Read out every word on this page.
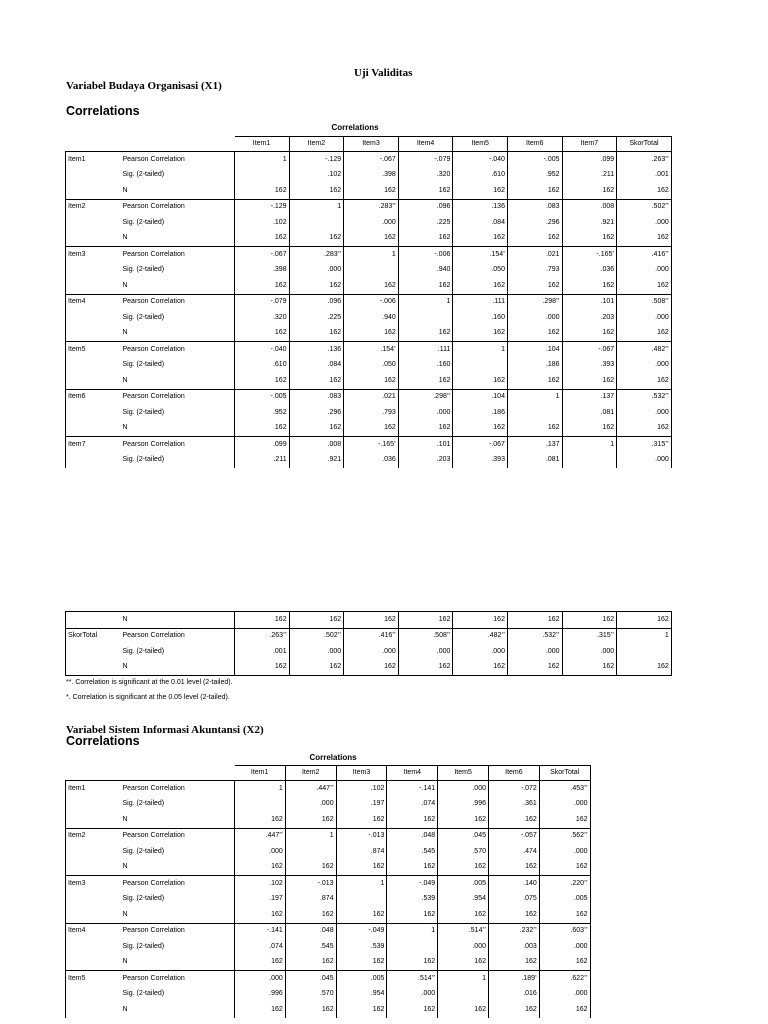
Uji Validitas
Variabel Budaya Organisasi (X1)
Correlations
Correlations
		Item1	Item2	Item3	Item4	Item5	Item6	Item7	SkorTotal
Item1	Pearson Correlation	1	-.129	-.067	-.079	-.040	-.005	.099	.263**
	Sig. (2-tailed)		.102	.398	.320	.610	.952	.211	.001
	N	162	162	162	162	162	162	162	162
Item2	Pearson Correlation	-.129	1	.283**	.096	.136	.083	.008	.502**
	Sig. (2-tailed)	.102		.000	.225	.084	.296	.921	.000
	N	162	162	162	162	162	162	162	162
Item3	Pearson Correlation	-.067	.283**	1	-.006	.154*	.021	-.165*	.416**
	Sig. (2-tailed)	.398	.000		.940	.050	.793	.036	.000
	N	162	162	162	162	162	162	162	162
Item4	Pearson Correlation	-.079	.096	-.006	1	.111	.298**	.101	.508**
	Sig. (2-tailed)	.320	.225	.940		.160	.000	.203	.000
	N	162	162	162	162	162	162	162	162
Item5	Pearson Correlation	-.040	.136	.154*	.111	1	.104	-.067	.482**
	Sig. (2-tailed)	.610	.084	.050	.160		.186	.393	.000
	N	162	162	162	162	162	162	162	162
Item6	Pearson Correlation	-.005	.083	.021	.298**	.104	1	.137	.532**
	Sig. (2-tailed)	.952	.296	.793	.000	.186		.081	.000
	N	162	162	162	162	162	162	162	162
Item7	Pearson Correlation	.099	.008	-.165*	.101	-.067	.137	1	.315**
	Sig. (2-tailed)	.211	.921	.036	.203	.393	.081		.000
	N	162	162	162	162	162	162	162	162
SkorTotal	Pearson Correlation	.263**	.502**	.416**	.508**	.482**	.532**	.315**	1
	Sig. (2-tailed)	.001	.000	.000	.000	.000	.000	.000	
	N	162	162	162	162	162	162	162	162
**. Correlation is significant at the 0.01 level (2-tailed).
*. Correlation is significant at the 0.05 level (2-tailed).
Variabel Sistem Informasi Akuntansi (X2)
Correlations
Correlations
		Item1	Item2	Item3	Item4	Item5	Item6	SkorTotal
Item1	Pearson Correlation	1	.447**	.102	-.141	.000	-.072	.453**
	Sig. (2-tailed)		.000	.197	.074	.996	.361	.000
	N	162	162	162	162	162	162	162
Item2	Pearson Correlation	.447**	1	-.013	.048	.045	-.057	.562**
	Sig. (2-tailed)	.000		.874	.545	.570	.474	.000
	N	162	162	162	162	162	162	162
Item3	Pearson Correlation	.102	-.013	1	-.049	.005	.140	.220**
	Sig. (2-tailed)	.197	.874		.539	.954	.075	.005
	N	162	162	162	162	162	162	162
Item4	Pearson Correlation	-.141	.048	-.049	1	.514**	.232**	.603**
	Sig. (2-tailed)	.074	.545	.539		.000	.003	.000
	N	162	162	162	162	162	162	162
Item5	Pearson Correlation	.000	.045	.005	.514**	1	.189*	.622**
	Sig. (2-tailed)	.996	.570	.954	.000		.016	.000
	N	162	162	162	162	162	162	162
